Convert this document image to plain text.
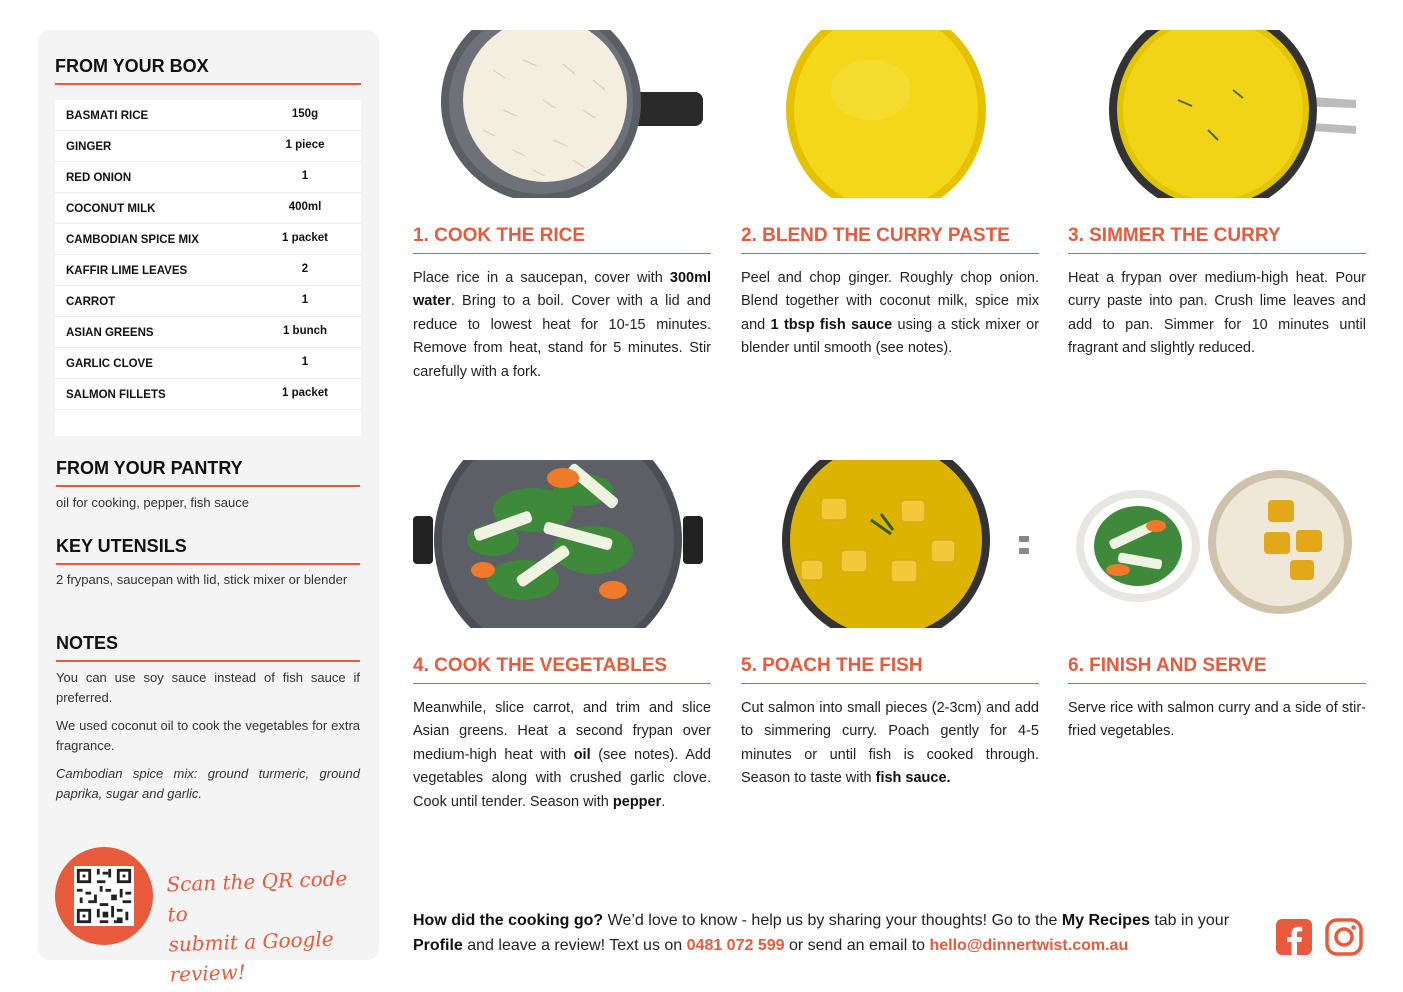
FROM YOUR BOX
BASMATI RICE	150g
GINGER	1 piece
RED ONION	1
COCONUT MILK	400ml
CAMBODIAN SPICE MIX	1 packet
KAFFIR LIME LEAVES	2
CARROT	1
ASIAN GREENS	1 bunch
GARLIC CLOVE	1
SALMON FILLETS	1 packet
FROM YOUR PANTRY
oil for cooking, pepper, fish sauce
KEY UTENSILS
2 frypans, saucepan with lid, stick mixer or blender
NOTES

You can use soy sauce instead of fish sauce if preferred.

We used coconut oil to cook the vegetables for extra fragrance.

Cambodian spice mix: ground turmeric, ground paprika, sugar and garlic.

Scan the QR code to
submit a Google review!
1. COOK THE RICE	2. BLEND THE CURRY PASTE	3. SIMMER THE CURRY
4. COOK THE VEGETABLES	5. POACH THE FISH	6. FINISH AND SERVE
Place rice in a saucepan, cover with 300ml water. Bring to a boil. Cover with a lid and reduce to lowest heat for 10-15 minutes. Remove from heat, stand for 5 minutes. Stir carefully with a fork.
Peel and chop ginger. Roughly chop onion. Blend together with coconut milk, spice mix and 1 tbsp fish sauce using a stick mixer or blender until smooth (see notes).
Heat a frypan over medium-high heat. Pour curry paste into pan. Crush lime leaves and add to pan. Simmer for 10 minutes until fragrant and slightly reduced.
Meanwhile, slice carrot, and trim and slice Asian greens. Heat a second frypan over medium-high heat with oil (see notes). Add vegetables along with crushed garlic clove. Cook until tender. Season with pepper.
Cut salmon into small pieces (2-3cm) and add to simmering curry. Poach gently for 4-5 minutes or until fish is cooked through. Season to taste with fish sauce.
Serve rice with salmon curry and a side of stir-fried vegetables.
How did the cooking go? We’d love to know - help us by sharing your thoughts! Go to the My Recipes tab in your Profile and leave a review! Text us on 0481 072 599 or send an email to hello@dinnertwist.com.au
